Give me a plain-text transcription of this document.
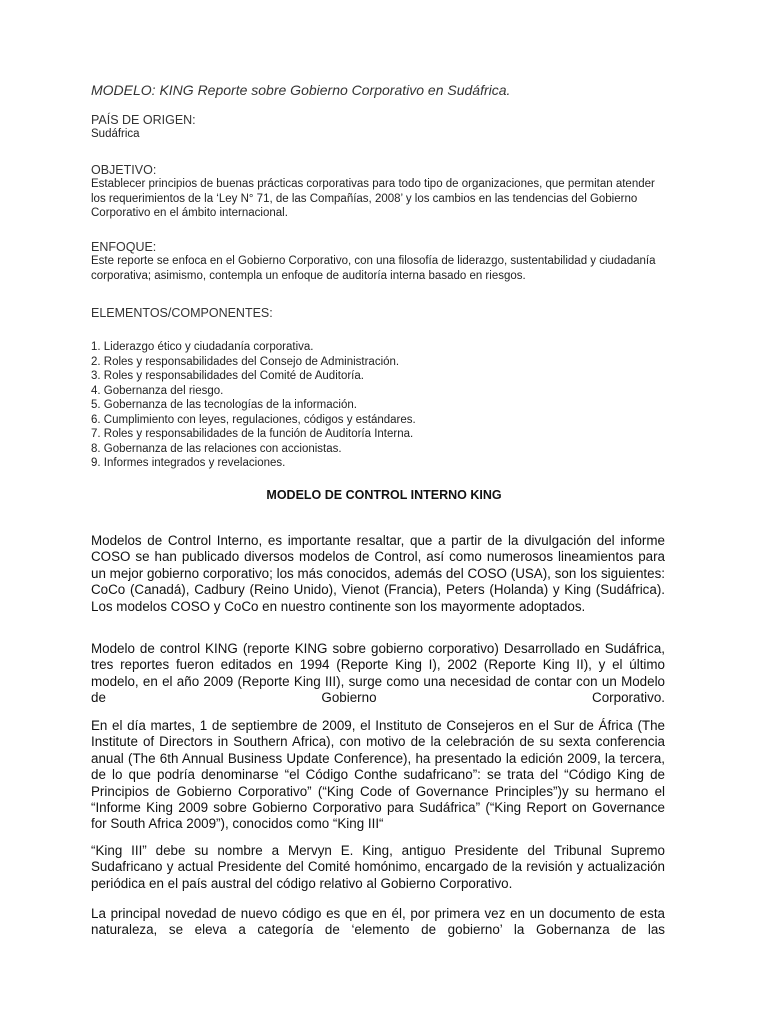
MODELO: KING Reporte sobre Gobierno Corporativo en Sudáfrica.
PAÍS DE ORIGEN:
Sudáfrica
OBJETIVO:
Establecer principios de buenas prácticas corporativas para todo tipo de organizaciones, que permitan atender los requerimientos de la ‘Ley N° 71, de las Compañías, 2008’ y los cambios en las tendencias del Gobierno Corporativo en el ámbito internacional.
ENFOQUE:
Este reporte se enfoca en el Gobierno Corporativo, con una filosofía de liderazgo, sustentabilidad y ciudadanía corporativa; asimismo, contempla un enfoque de auditoría interna basado en riesgos.
ELEMENTOS/COMPONENTES:
1. Liderazgo ético y ciudadanía corporativa.
2. Roles y responsabilidades del Consejo de Administración.
3. Roles y responsabilidades del Comité de Auditoría.
4. Gobernanza del riesgo.
5. Gobernanza de las tecnologías de la información.
6. Cumplimiento con leyes, regulaciones, códigos y estándares.
7. Roles y responsabilidades de la función de Auditoría Interna.
8. Gobernanza de las relaciones con accionistas.
9. Informes integrados y revelaciones.
MODELO DE CONTROL INTERNO KING

Modelos de Control Interno, es importante resaltar, que a partir de la divulgación del informe COSO se han publicado diversos modelos de Control, así como numerosos lineamientos para un mejor gobierno corporativo; los más conocidos, además del COSO (USA), son los siguientes: CoCo (Canadá), Cadbury (Reino Unido), Vienot (Francia), Peters (Holanda) y King (Sudáfrica). Los modelos COSO y CoCo en nuestro continente son los mayormente adoptados.

Modelo de control KING (reporte KING sobre gobierno corporativo) Desarrollado en Sudáfrica, tres reportes fueron editados en 1994 (Reporte King I), 2002 (Reporte King II), y el último modelo, en el año 2009 (Reporte King III), surge como una necesidad de contar con un Modelo de Gobierno Corporativo.

En el día martes, 1 de septiembre de 2009, el Instituto de Consejeros en el Sur de África (The Institute of Directors in Southern Africa), con motivo de la celebración de su sexta conferencia anual (The 6th Annual Business Update Conference), ha presentado la edición 2009, la tercera, de lo que podría denominarse “el Código Conthe sudafricano”: se trata del “Código King de Principios de Gobierno Corporativo” (“King Code of Governance Principles”)y su hermano el “Informe King 2009 sobre Gobierno Corporativo para Sudáfrica” (“King Report on Governance for South Africa 2009”), conocidos como “King III“

“King III” debe su nombre a Mervyn E. King, antiguo Presidente del Tribunal Supremo Sudafricano y actual Presidente del Comité homónimo, encargado de la revisión y actualización periódica en el país austral del código relativo al Gobierno Corporativo.

La principal novedad de nuevo código es que en él, por primera vez en un documento de esta naturaleza, se eleva a categoría de ‘elemento de gobierno’ la Gobernanza de las
